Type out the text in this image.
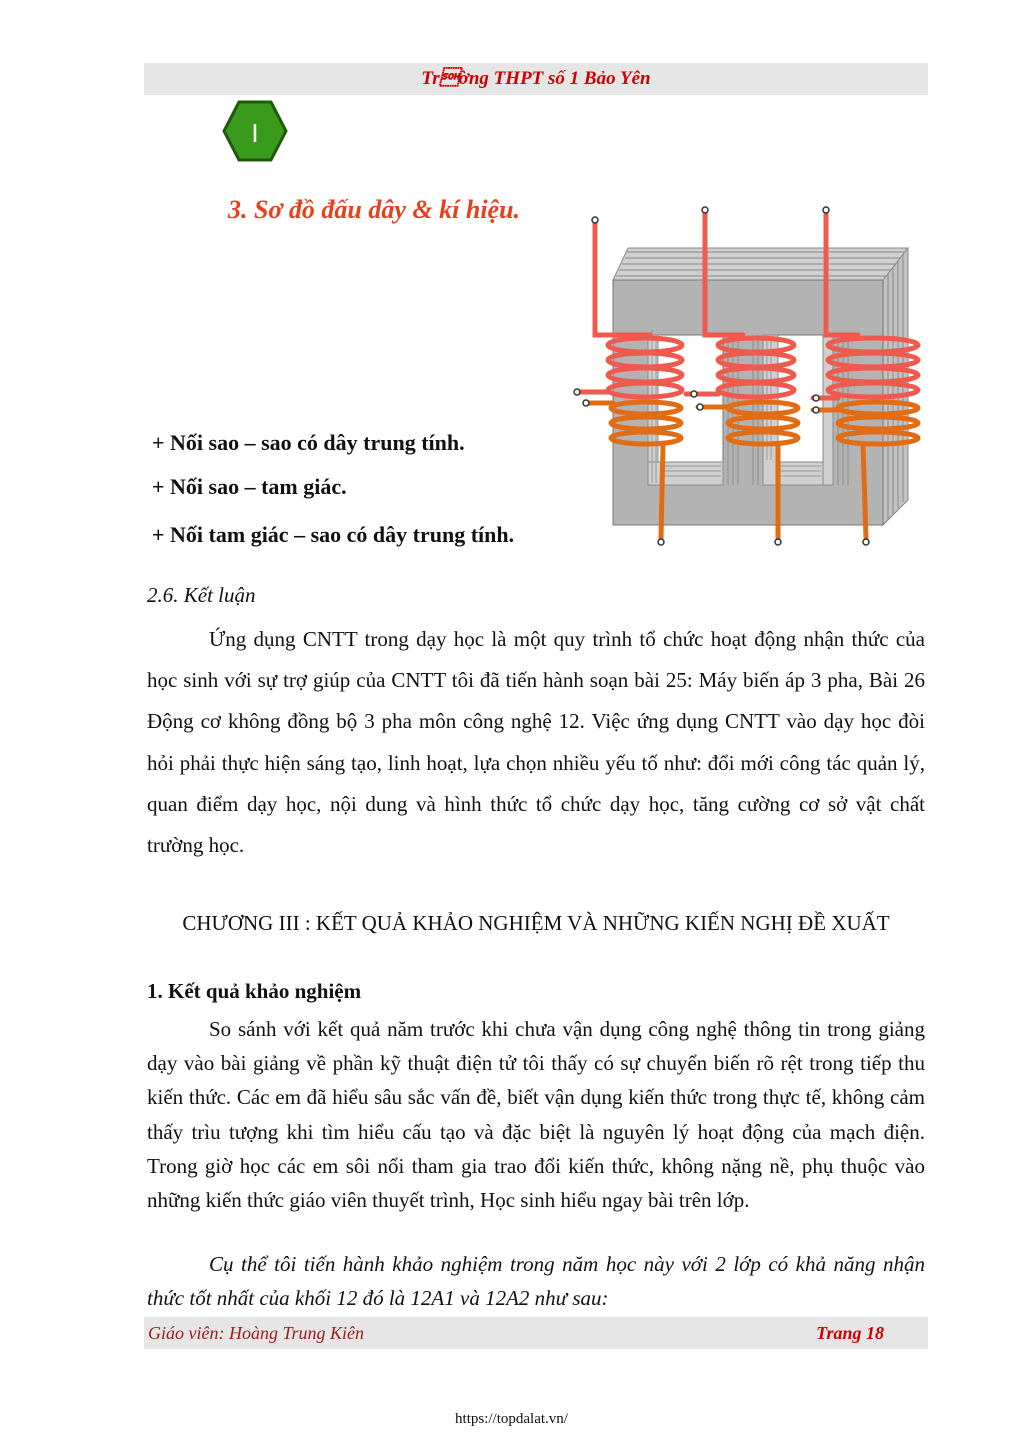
Trờng THPT số 1 Bảo Yên
I
3. Sơ đồ đấu dây & kí hiệu.
+ Nối sao – sao có dây trung tính.
+ Nối sao – tam giác.
+ Nối tam giác – sao có dây trung tính.
2.6. Kết luận
Ứng dụng CNTT trong dạy học là một quy trình tổ chức hoạt động nhận thức của học sinh với sự trợ giúp của CNTT tôi đã tiến hành soạn bài 25: Máy biến áp 3 pha, Bài 26 Động cơ không đồng bộ 3 pha môn công nghệ 12. Việc ứng dụng CNTT vào dạy học đòi hỏi phải thực hiện sáng tạo, linh hoạt, lựa chọn nhiều yếu tố như: đổi mới công tác quản lý, quan điểm dạy học, nội dung và hình thức tổ chức dạy học, tăng cường cơ sở vật chất trường học.
CHƯƠNG III : KẾT QUẢ KHẢO NGHIỆM VÀ NHỮNG KIẾN NGHỊ ĐỀ XUẤT
1. Kết quả khảo nghiệm
So sánh với kết quả năm trước khi chưa vận dụng công nghệ thông tin trong giảng dạy vào bài giảng về phần kỹ thuật điện tử tôi thấy có sự chuyển biến rõ rệt trong tiếp thu kiến thức. Các em đã hiểu sâu sắc vấn đề, biết vận dụng kiến thức trong thực tế, không cảm thấy trìu tượng khi tìm hiểu cấu tạo và đặc biệt là nguyên lý hoạt động của mạch điện. Trong giờ học các em sôi nổi tham gia trao đổi kiến thức, không nặng nề, phụ thuộc vào những kiến thức giáo viên thuyết trình, Học sinh hiểu ngay bài trên lớp.
Cụ thể tôi tiến hành khảo nghiệm trong năm học này với 2 lớp có khả năng nhận thức tốt nhất của khối 12 đó là 12A1 và 12A2 như sau:
Giáo viên: Hoàng Trung Kiên	Trang 18
https://topdalat.vn/
